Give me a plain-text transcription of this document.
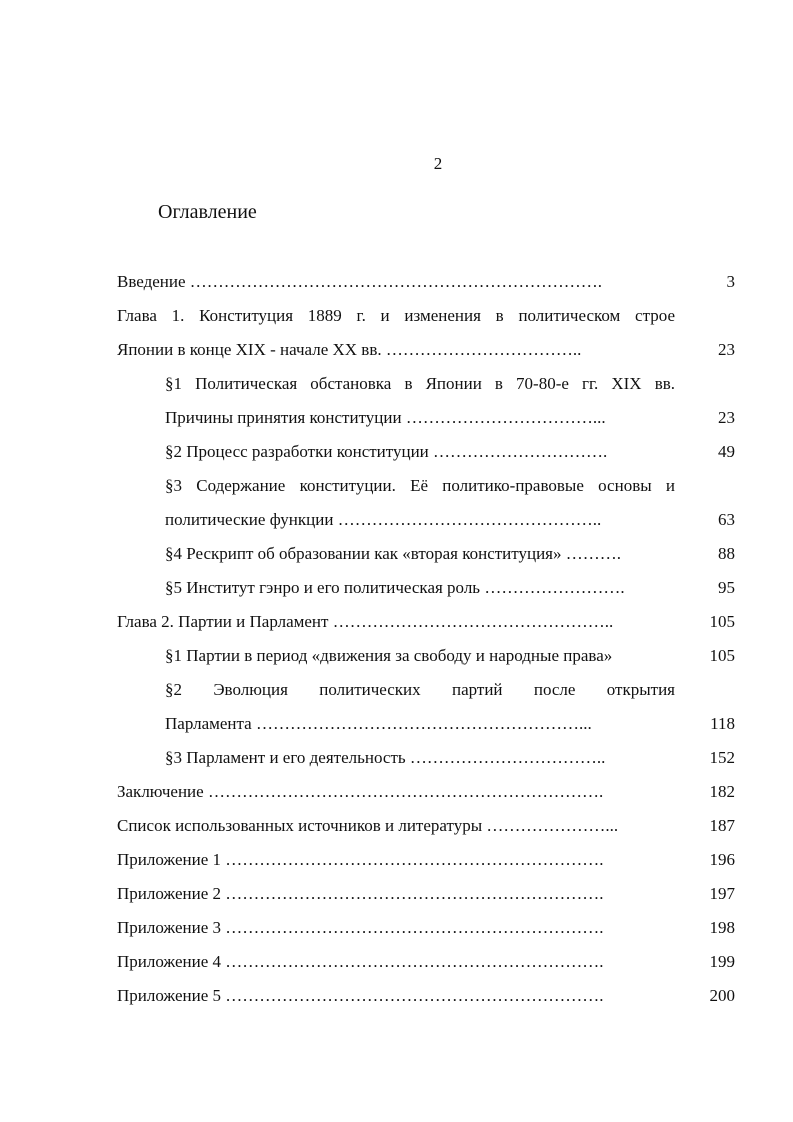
2
Оглавление
Введение ……………………………………………………………….	3
Глава 1. Конституция 1889 г. и изменения в политическом строе
Японии в конце XIX - начале XX вв. ……………………………..	23
§1 Политическая обстановка в Японии в 70-80-е гг. XIX вв.
Причины принятия конституции ……………………………...	23
§2 Процесс разработки конституции ………………………….	49
§3 Содержание конституции. Её политико-правовые основы и
политические функции ………………………………………..	63
§4 Рескрипт об образовании как «вторая конституция» ……….	88
§5 Институт гэнро и его политическая роль …………………….	95
Глава 2. Партии и Парламент …………………………………………..	105
§1 Партии в период «движения за свободу и народные права»	105
§2 Эволюция политических партий после открытия
Парламента …………………………………………………...	118
§3 Парламент и его деятельность ……………………………..	152
Заключение …………………………………………………………….	182
Список использованных источников и литературы …………………...	187
Приложение 1 ………………………………………………………….	196
Приложение 2 ………………………………………………………….	197
Приложение 3 ………………………………………………………….	198
Приложение 4 ………………………………………………………….	199
Приложение 5 ………………………………………………………….	200
